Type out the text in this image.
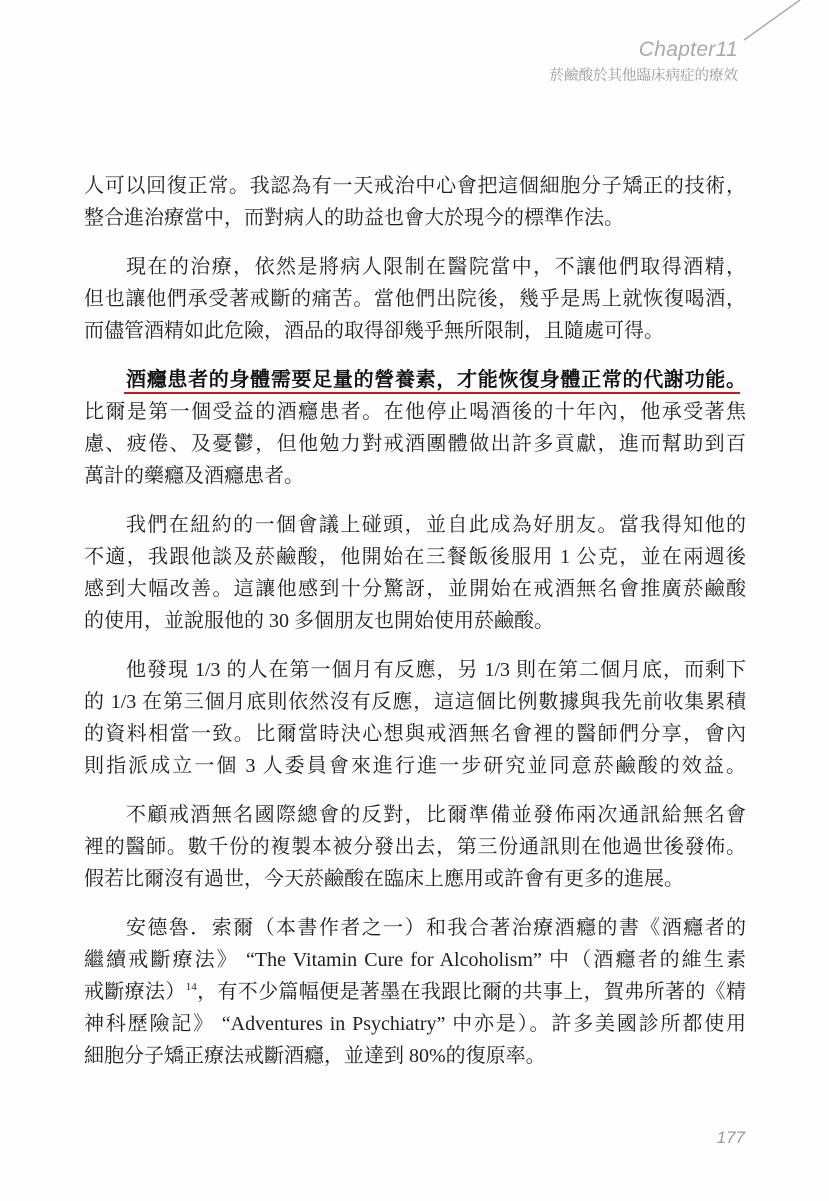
Chapter11
菸鹼酸於其他臨床病症的療效
人可以回復正常。我認為有一天戒治中心會把這個細胞分子矯正的技術，
整合進治療當中，而對病人的助益也會大於現今的標準作法。
現在的治療，依然是將病人限制在醫院當中，不讓他們取得酒精，
但也讓他們承受著戒斷的痛苦。當他們出院後，幾乎是馬上就恢復喝酒，
而儘管酒精如此危險，酒品的取得卻幾乎無所限制，且隨處可得。
酒癮患者的身體需要足量的營養素，才能恢復身體正常的代謝功能。
比爾是第一個受益的酒癮患者。在他停止喝酒後的十年內，他承受著焦
慮、疲倦、及憂鬱，但他勉力對戒酒團體做出許多貢獻，進而幫助到百
萬計的藥癮及酒癮患者。
我們在紐約的一個會議上碰頭，並自此成為好朋友。當我得知他的
不適，我跟他談及菸鹼酸，他開始在三餐飯後服用 1 公克，並在兩週後
感到大幅改善。這讓他感到十分驚訝，並開始在戒酒無名會推廣菸鹼酸
的使用，並說服他的 30 多個朋友也開始使用菸鹼酸。
他發現 1/3 的人在第一個月有反應，另 1/3 則在第二個月底，而剩下
的 1/3 在第三個月底則依然沒有反應，這這個比例數據與我先前收集累積
的資料相當一致。比爾當時決心想與戒酒無名會裡的醫師們分享，會內
則指派成立一個 3 人委員會來進行進一步研究並同意菸鹼酸的效益。
不顧戒酒無名國際總會的反對，比爾準備並發佈兩次通訊給無名會
裡的醫師。數千份的複製本被分發出去，第三份通訊則在他過世後發佈。
假若比爾沒有過世，今天菸鹼酸在臨床上應用或許會有更多的進展。
安德魯．索爾（本書作者之一）和我合著治療酒癮的書《酒癮者的
繼續戒斷療法》 “The Vitamin Cure for Alcoholism” 中（酒癮者的維生素
戒斷療法）$^{14}$，有不少篇幅便是著墨在我跟比爾的共事上，賀弗所著的《精
神科歷險記》 “Adventures in Psychiatry” 中亦是）。許多美國診所都使用
細胞分子矯正療法戒斷酒癮，並達到 80%的復原率。
177
